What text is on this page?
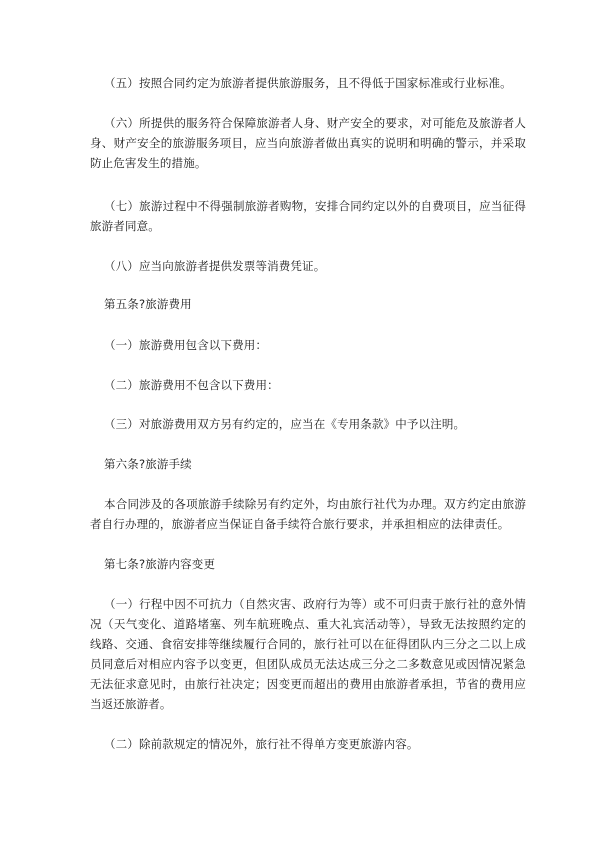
（五）按照合同约定为旅游者提供旅游服务，且不得低于国家标准或行业标准。

（六）所提供的服务符合保障旅游者人身、财产安全的要求，对可能危及旅游者人身、财产安全的旅游服务项目，应当向旅游者做出真实的说明和明确的警示，并采取防止危害发生的措施。

（七）旅游过程中不得强制旅游者购物，安排合同约定以外的自费项目，应当征得旅游者同意。

（八）应当向旅游者提供发票等消费凭证。

第五条?旅游费用

（一）旅游费用包含以下费用：

（二）旅游费用不包含以下费用：

（三）对旅游费用双方另有约定的，应当在《专用条款》中予以注明。

第六条?旅游手续

本合同涉及的各项旅游手续除另有约定外，均由旅行社代为办理。双方约定由旅游者自行办理的，旅游者应当保证自备手续符合旅行要求，并承担相应的法律责任。

第七条?旅游内容变更

（一）行程中因不可抗力（自然灾害、政府行为等）或不可归责于旅行社的意外情况（天气变化、道路堵塞、列车航班晚点、重大礼宾活动等），导致无法按照约定的线路、交通、食宿安排等继续履行合同的，旅行社可以在征得团队内三分之二以上成员同意后对相应内容予以变更，但团队成员无法达成三分之二多数意见或因情况紧急无法征求意见时，由旅行社决定；因变更而超出的费用由旅游者承担，节省的费用应当返还旅游者。

（二）除前款规定的情况外，旅行社不得单方变更旅游内容。
